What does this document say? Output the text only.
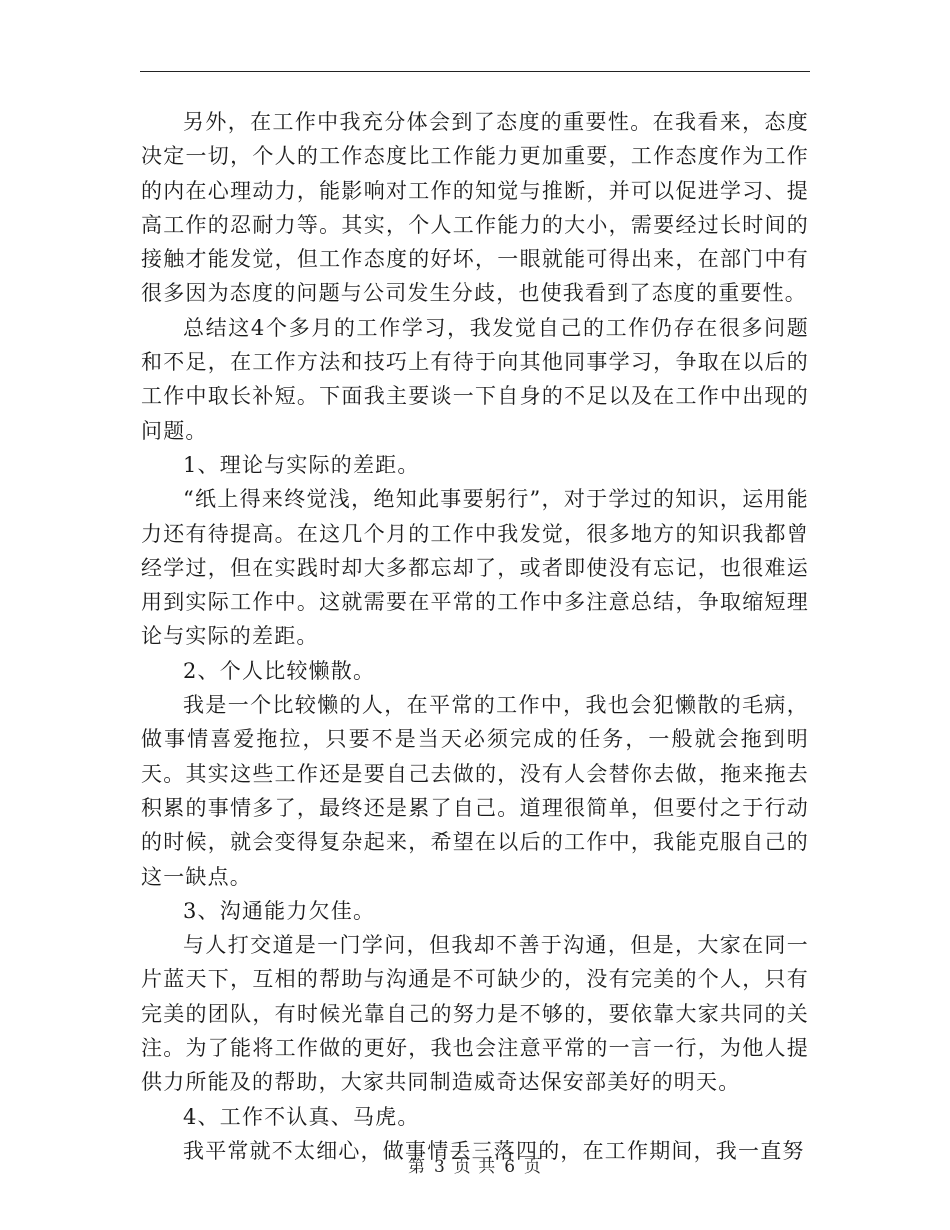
另外，在工作中我充分体会到了态度的重要性。在我看来，态度决定一切，个人的工作态度比工作能力更加重要，工作态度作为工作的内在心理动力，能影响对工作的知觉与推断，并可以促进学习、提高工作的忍耐力等。其实，个人工作能力的大小，需要经过长时间的接触才能发觉，但工作态度的好坏，一眼就能可得出来，在部门中有很多因为态度的问题与公司发生分歧，也使我看到了态度的重要性。

总结这4个多月的工作学习，我发觉自己的工作仍存在很多问题和不足，在工作方法和技巧上有待于向其他同事学习，争取在以后的工作中取长补短。下面我主要谈一下自身的不足以及在工作中出现的问题。

1、理论与实际的差距。

“纸上得来终觉浅，绝知此事要躬行”，对于学过的知识，运用能力还有待提高。在这几个月的工作中我发觉，很多地方的知识我都曾经学过，但在实践时却大多都忘却了，或者即使没有忘记，也很难运用到实际工作中。这就需要在平常的工作中多注意总结，争取缩短理论与实际的差距。

2、个人比较懒散。

我是一个比较懒的人，在平常的工作中，我也会犯懒散的毛病，做事情喜爱拖拉，只要不是当天必须完成的任务，一般就会拖到明天。其实这些工作还是要自己去做的，没有人会替你去做，拖来拖去积累的事情多了，最终还是累了自己。道理很简单，但要付之于行动的时候，就会变得复杂起来，希望在以后的工作中，我能克服自己的这一缺点。

3、沟通能力欠佳。

与人打交道是一门学问，但我却不善于沟通，但是，大家在同一片蓝天下，互相的帮助与沟通是不可缺少的，没有完美的个人，只有完美的团队，有时候光靠自己的努力是不够的，要依靠大家共同的关注。为了能将工作做的更好，我也会注意平常的一言一行，为他人提供力所能及的帮助，大家共同制造威奇达保安部美好的明天。

4、工作不认真、马虎。

我平常就不太细心，做事情丢三落四的，在工作期间，我一直努

第 3 页 共 6 页
